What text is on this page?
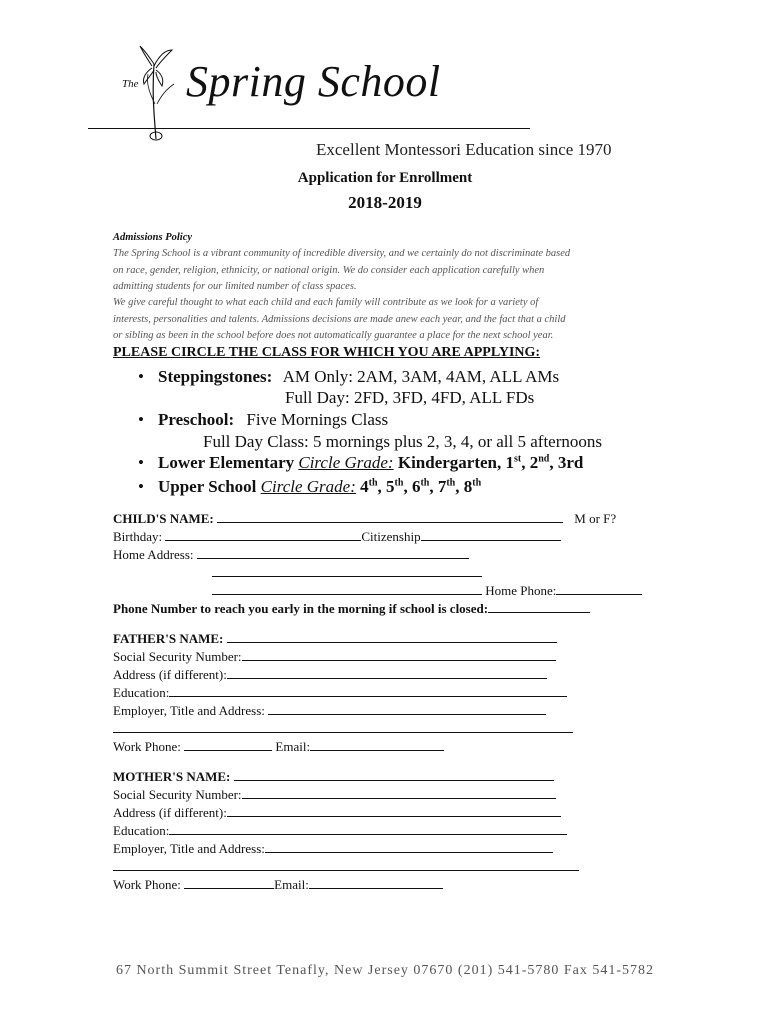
The Spring School
Excellent Montessori Education since 1970
Application for Enrollment
2018-2019
Admissions Policy
The Spring School is a vibrant community of incredible diversity, and we certainly do not discriminate based
on race, gender, religion, ethnicity, or national origin. We do consider each application carefully when
admitting students for our limited number of class spaces.
We give careful thought to what each child and each family will contribute as we look for a variety of
interests, personalities and talents. Admissions decisions are made anew each year, and the fact that a child
or sibling as been in the school before does not automatically guarantee a place for the next school year.
PLEASE CIRCLE THE CLASS FOR WHICH YOU ARE APPLYING:
• Steppingstones: AM Only: 2AM, 3AM, 4AM, ALL AMs
Full Day: 2FD, 3FD, 4FD, ALL FDs
• Preschool: Five Mornings Class
Full Day Class: 5 mornings plus 2, 3, 4, or all 5 afternoons
• Lower Elementary Circle Grade: Kindergarten, 1st, 2nd, 3rd
• Upper School Circle Grade: 4th, 5th, 6th, 7th, 8th
CHILD'S NAME:	M or F?
Birthday:	Citizenship
Home Address:
Home Phone:
Phone Number to reach you early in the morning if school is closed:
FATHER'S NAME:
Social Security Number:
Address (if different):
Education:
Employer, Title and Address:
Work Phone:	Email:
MOTHER'S NAME:
Social Security Number:
Address (if different):
Education:
Employer, Title and Address:
Work Phone:	Email:
67 North Summit Street Tenafly, New Jersey 07670 (201) 541-5780 Fax 541-5782
